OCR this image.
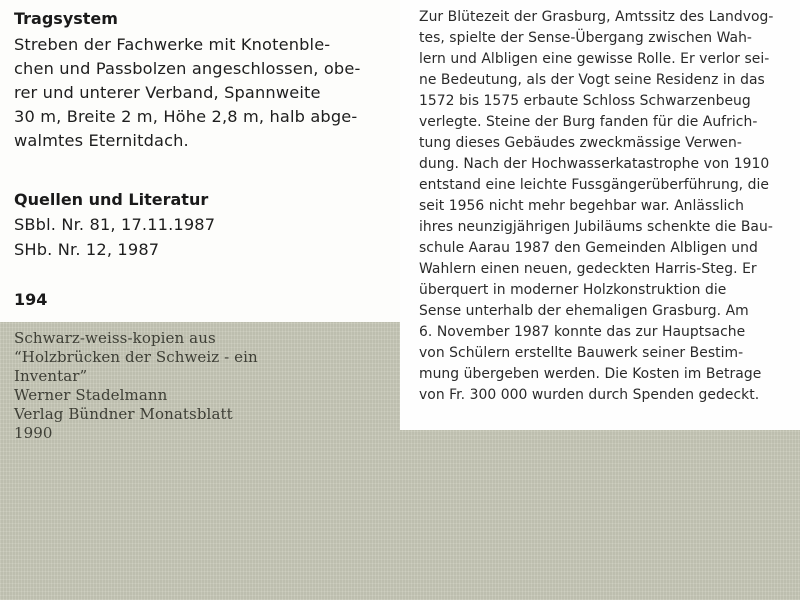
Tragsystem
Streben der Fachwerke mit Knotenble-
chen und Passbolzen angeschlossen, obe-
rer und unterer Verband, Spannweite
30 m, Breite 2 m, Höhe 2,8 m, halb abge-
walmtes Eternitdach.
Quellen und Literatur
SBbl. Nr. 81, 17.11.1987
SHb. Nr. 12, 1987
194
Zur Blütezeit der Grasburg, Amtssitz des Landvog-
tes, spielte der Sense-Übergang zwischen Wah-
lern und Albligen eine gewisse Rolle. Er verlor sei-
ne Bedeutung, als der Vogt seine Residenz in das
1572 bis 1575 erbaute Schloss Schwarzenbeug
verlegte. Steine der Burg fanden für die Aufrich-
tung dieses Gebäudes zweckmässige Verwen-
dung. Nach der Hochwasserkatastrophe von 1910
entstand eine leichte Fussgängerüberführung, die
seit 1956 nicht mehr begehbar war. Anlässlich
ihres neunzigjährigen Jubiläums schenkte die Bau-
schule Aarau 1987 den Gemeinden Albligen und
Wahlern einen neuen, gedeckten Harris-Steg. Er
überquert in moderner Holzkonstruktion die
Sense unterhalb der ehemaligen Grasburg. Am
6. November 1987 konnte das zur Hauptsache
von Schülern erstellte Bauwerk seiner Bestim-
mung übergeben werden. Die Kosten im Betrage
von Fr. 300 000 wurden durch Spenden gedeckt.
Schwarz-weiss-kopien aus
“Holzbrücken der Schweiz - ein
Inventar”
Werner Stadelmann
Verlag Bündner Monatsblatt
1990
